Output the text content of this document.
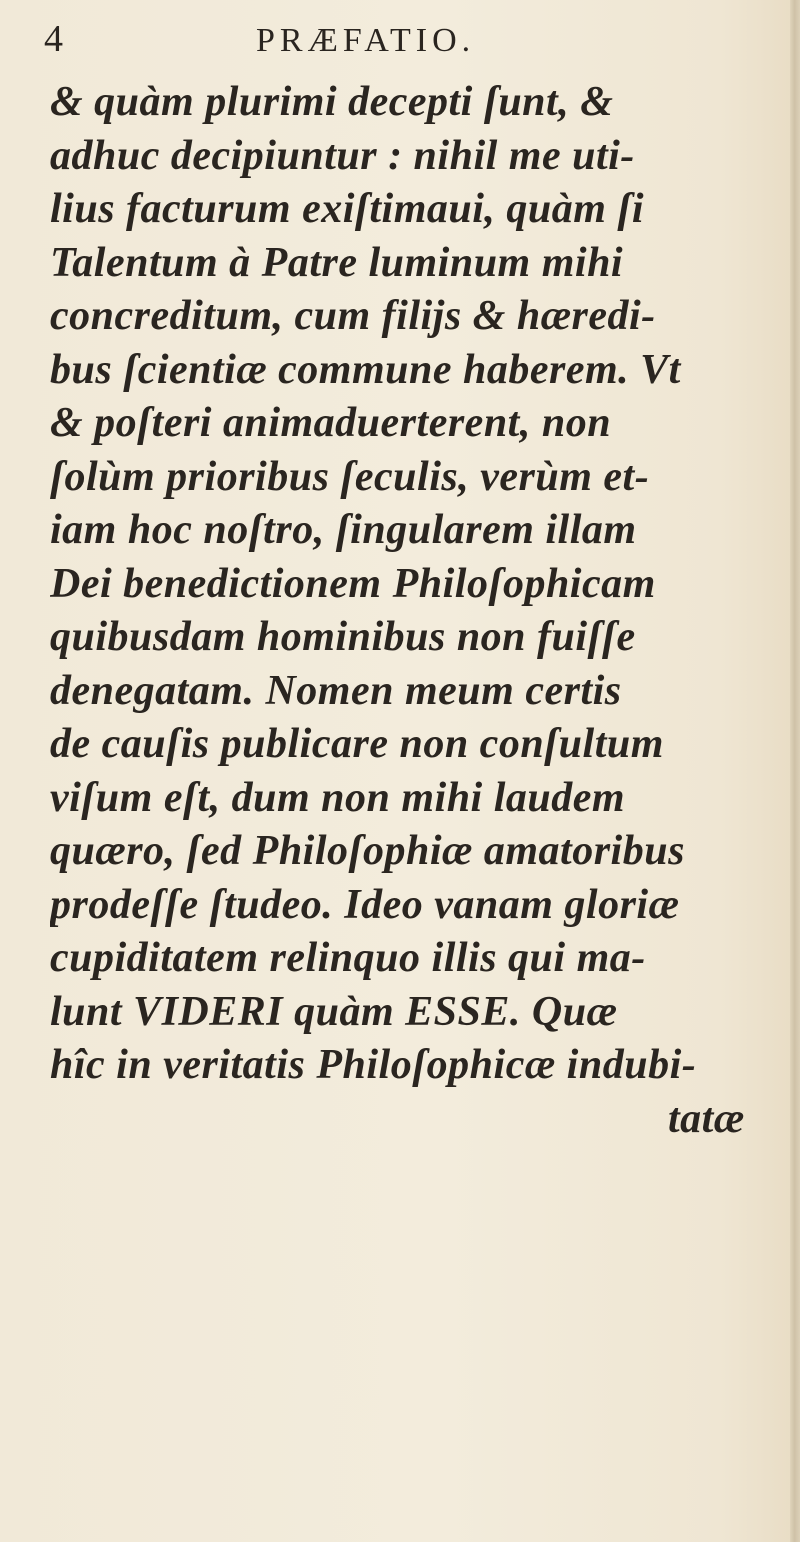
4	PRÆFATIO.
& quàm plurimi decepti ſunt, &
adhuc decipiuntur : nihil me uti-
lius facturum exiſtimaui, quàm ſi
Talentum à Patre luminum mihi
concreditum, cum filijs & hæredi-
bus ſcientiæ commune haberem. Vt
& poſteri animaduerterent, non
ſolùm prioribus ſeculis, verùm et-
iam hoc noſtro, ſingularem illam
Dei benedictionem Philoſophicam
quibusdam hominibus non fuiſſe
denegatam. Nomen meum certis
de cauſis publicare non conſultum
viſum eſt, dum non mihi laudem
quæro, ſed Philoſophiæ amatoribus
prodeſſe ſtudeo. Ideo vanam gloriæ
cupiditatem relinquo illis qui ma-
lunt VIDERI quàm ESSE. Quæ
hîc in veritatis Philoſophicæ indubi-
tatæ
